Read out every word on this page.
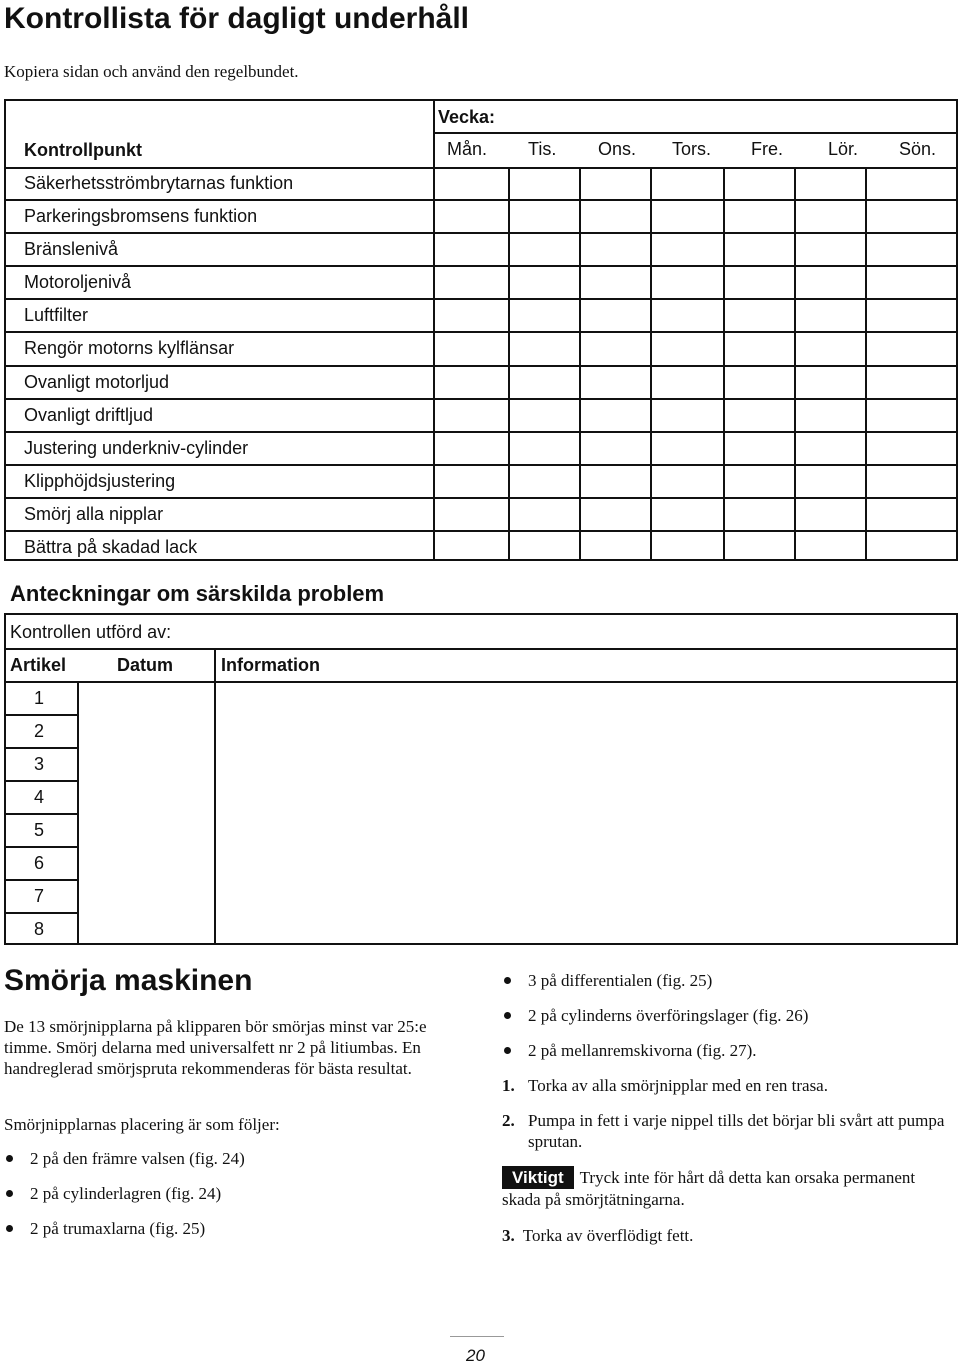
Kontrollista för dagligt underhåll
Kopiera sidan och använd den regelbundet.
Vecka:
Kontrollpunkt	Mån. Tis. Ons. Tors. Fre. Lör. Sön.
Säkerhetsströmbrytarnas funktion
Parkeringsbromsens funktion
Bränslenivå
Motoroljenivå
Luftfilter
Rengör motorns kylflänsar
Ovanligt motorljud
Ovanligt driftljud
Justering underkniv-cylinder
Klipphöjdsjustering
Smörj alla nipplar
Bättra på skadad lack
Anteckningar om särskilda problem
Kontrollen utförd av:
Artikel	Datum	Information
1
2
3
4
5
6
7
8
Smörja maskinen
De 13 smörjnipplarna på klipparen bör smörjas minst var 25:e timme. Smörj delarna med universalfett nr 2 på litiumbas. En handreglerad smörjspruta rekommenderas för bästa resultat.
Smörjnipplarnas placering är som följer:
2 på den främre valsen (fig. 24)
2 på cylinderlagren (fig. 24)
2 på trumaxlarna (fig. 25)
3 på differentialen (fig. 25)
2 på cylinderns överföringslager (fig. 26)
2 på mellanremskivorna (fig. 27).
1. Torka av alla smörjnipplar med en ren trasa.
2. Pumpa in fett i varje nippel tills det börjar bli svårt att pumpa sprutan.
Viktigt Tryck inte för hårt då detta kan orsaka permanent skada på smörjtätningarna.
3. Torka av överflödigt fett.
20
